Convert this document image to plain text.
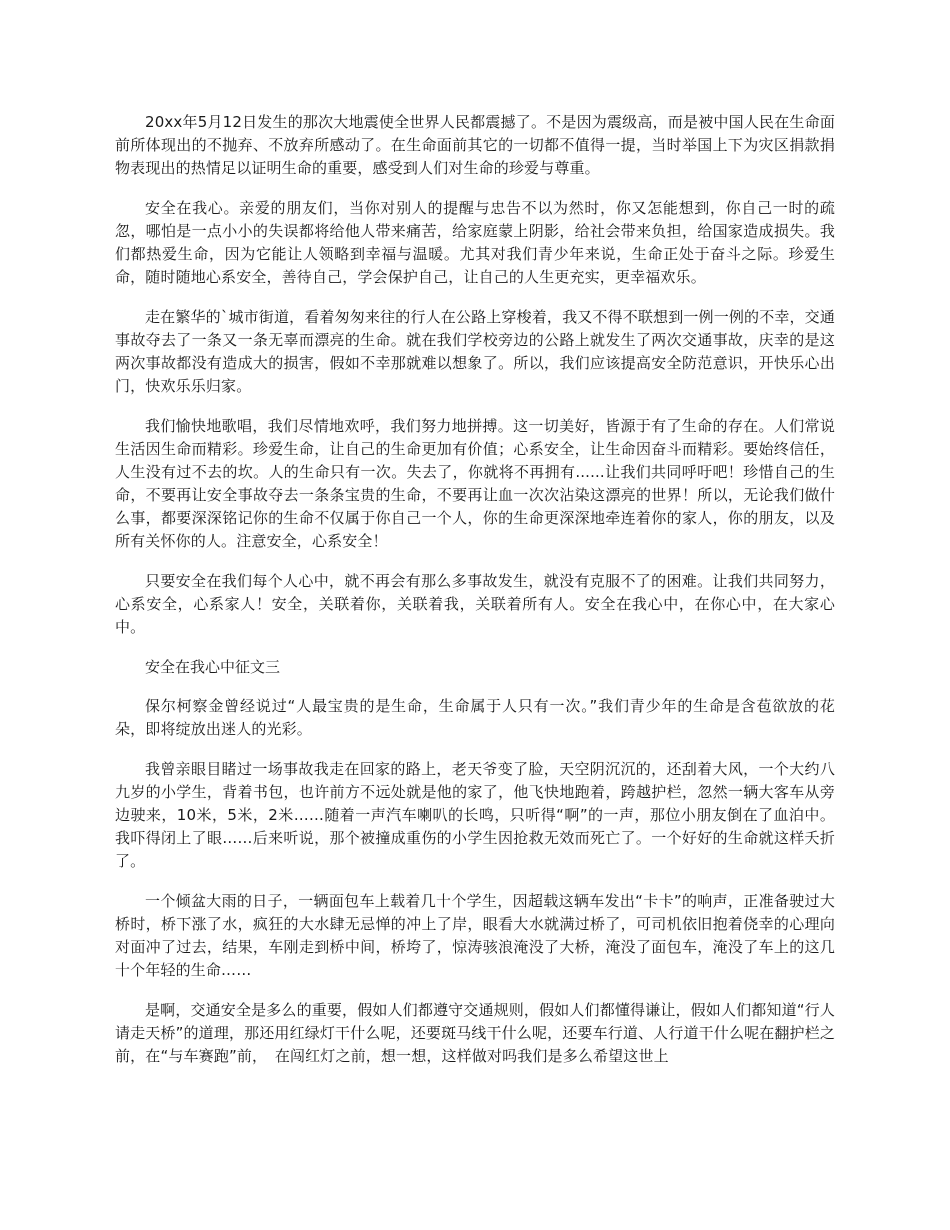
20xx年5月12日发生的那次大地震使全世界人民都震撼了。不是因为震级高，而是被中国人民在生命面前所体现出的不抛弃、不放弃所感动了。在生命面前其它的一切都不值得一提，当时举国上下为灾区捐款捐物表现出的热情足以证明生命的重要，感受到人们对生命的珍爱与尊重。

安全在我心。亲爱的朋友们，当你对别人的提醒与忠告不以为然时，你又怎能想到，你自己一时的疏忽，哪怕是一点小小的失误都将给他人带来痛苦，给家庭蒙上阴影，给社会带来负担，给国家造成损失。我们都热爱生命，因为它能让人领略到幸福与温暖。尤其对我们青少年来说，生命正处于奋斗之际。珍爱生命，随时随地心系安全，善待自己，学会保护自己，让自己的人生更充实，更幸福欢乐。

走在繁华的`城市街道，看着匆匆来往的行人在公路上穿梭着，我又不得不联想到一例一例的不幸，交通事故夺去了一条又一条无辜而漂亮的生命。就在我们学校旁边的公路上就发生了两次交通事故，庆幸的是这两次事故都没有造成大的损害，假如不幸那就难以想象了。所以，我们应该提高安全防范意识，开快乐心出门，快欢乐乐归家。

我们愉快地歌唱，我们尽情地欢呼，我们努力地拼搏。这一切美好，皆源于有了生命的存在。人们常说生活因生命而精彩。珍爱生命，让自己的生命更加有价值；心系安全，让生命因奋斗而精彩。要始终信任，人生没有过不去的坎。人的生命只有一次。失去了，你就将不再拥有......让我们共同呼吁吧！珍惜自己的生命，不要再让安全事故夺去一条条宝贵的生命，不要再让血一次次沾染这漂亮的世界！所以，无论我们做什么事，都要深深铭记你的生命不仅属于你自己一个人，你的生命更深深地牵连着你的家人，你的朋友，以及所有关怀你的人。注意安全，心系安全！

只要安全在我们每个人心中，就不再会有那么多事故发生，就没有克服不了的困难。让我们共同努力，心系安全，心系家人！安全，关联着你，关联着我，关联着所有人。安全在我心中，在你心中，在大家心中。

安全在我心中征文三

保尔柯察金曾经说过“人最宝贵的是生命，生命属于人只有一次。”我们青少年的生命是含苞欲放的花朵，即将绽放出迷人的光彩。

我曾亲眼目睹过一场事故我走在回家的路上，老天爷变了脸，天空阴沉沉的，还刮着大风，一个大约八九岁的小学生，背着书包，也许前方不远处就是他的家了，他飞快地跑着，跨越护栏，忽然一辆大客车从旁边驶来，10米，5米，2米……随着一声汽车喇叭的长鸣，只听得“啊”的一声，那位小朋友倒在了血泊中。我吓得闭上了眼……后来听说，那个被撞成重伤的小学生因抢救无效而死亡了。一个好好的生命就这样夭折了。

一个倾盆大雨的日子，一辆面包车上载着几十个学生，因超载这辆车发出“卡卡”的响声，正准备驶过大桥时，桥下涨了水，疯狂的大水肆无忌惮的冲上了岸，眼看大水就满过桥了，可司机依旧抱着侥幸的心理向对面冲了过去，结果，车刚走到桥中间，桥垮了，惊涛骇浪淹没了大桥，淹没了面包车，淹没了车上的这几十个年轻的生命……

是啊，交通安全是多么的重要，假如人们都遵守交通规则，假如人们都懂得谦让，假如人们都知道“行人请走天桥”的道理，那还用红绿灯干什么呢，还要斑马线干什么呢，还要车行道、人行道干什么呢在翻护栏之前，在“与车赛跑”前，　在闯红灯之前，想一想，这样做对吗我们是多么希望这世上
